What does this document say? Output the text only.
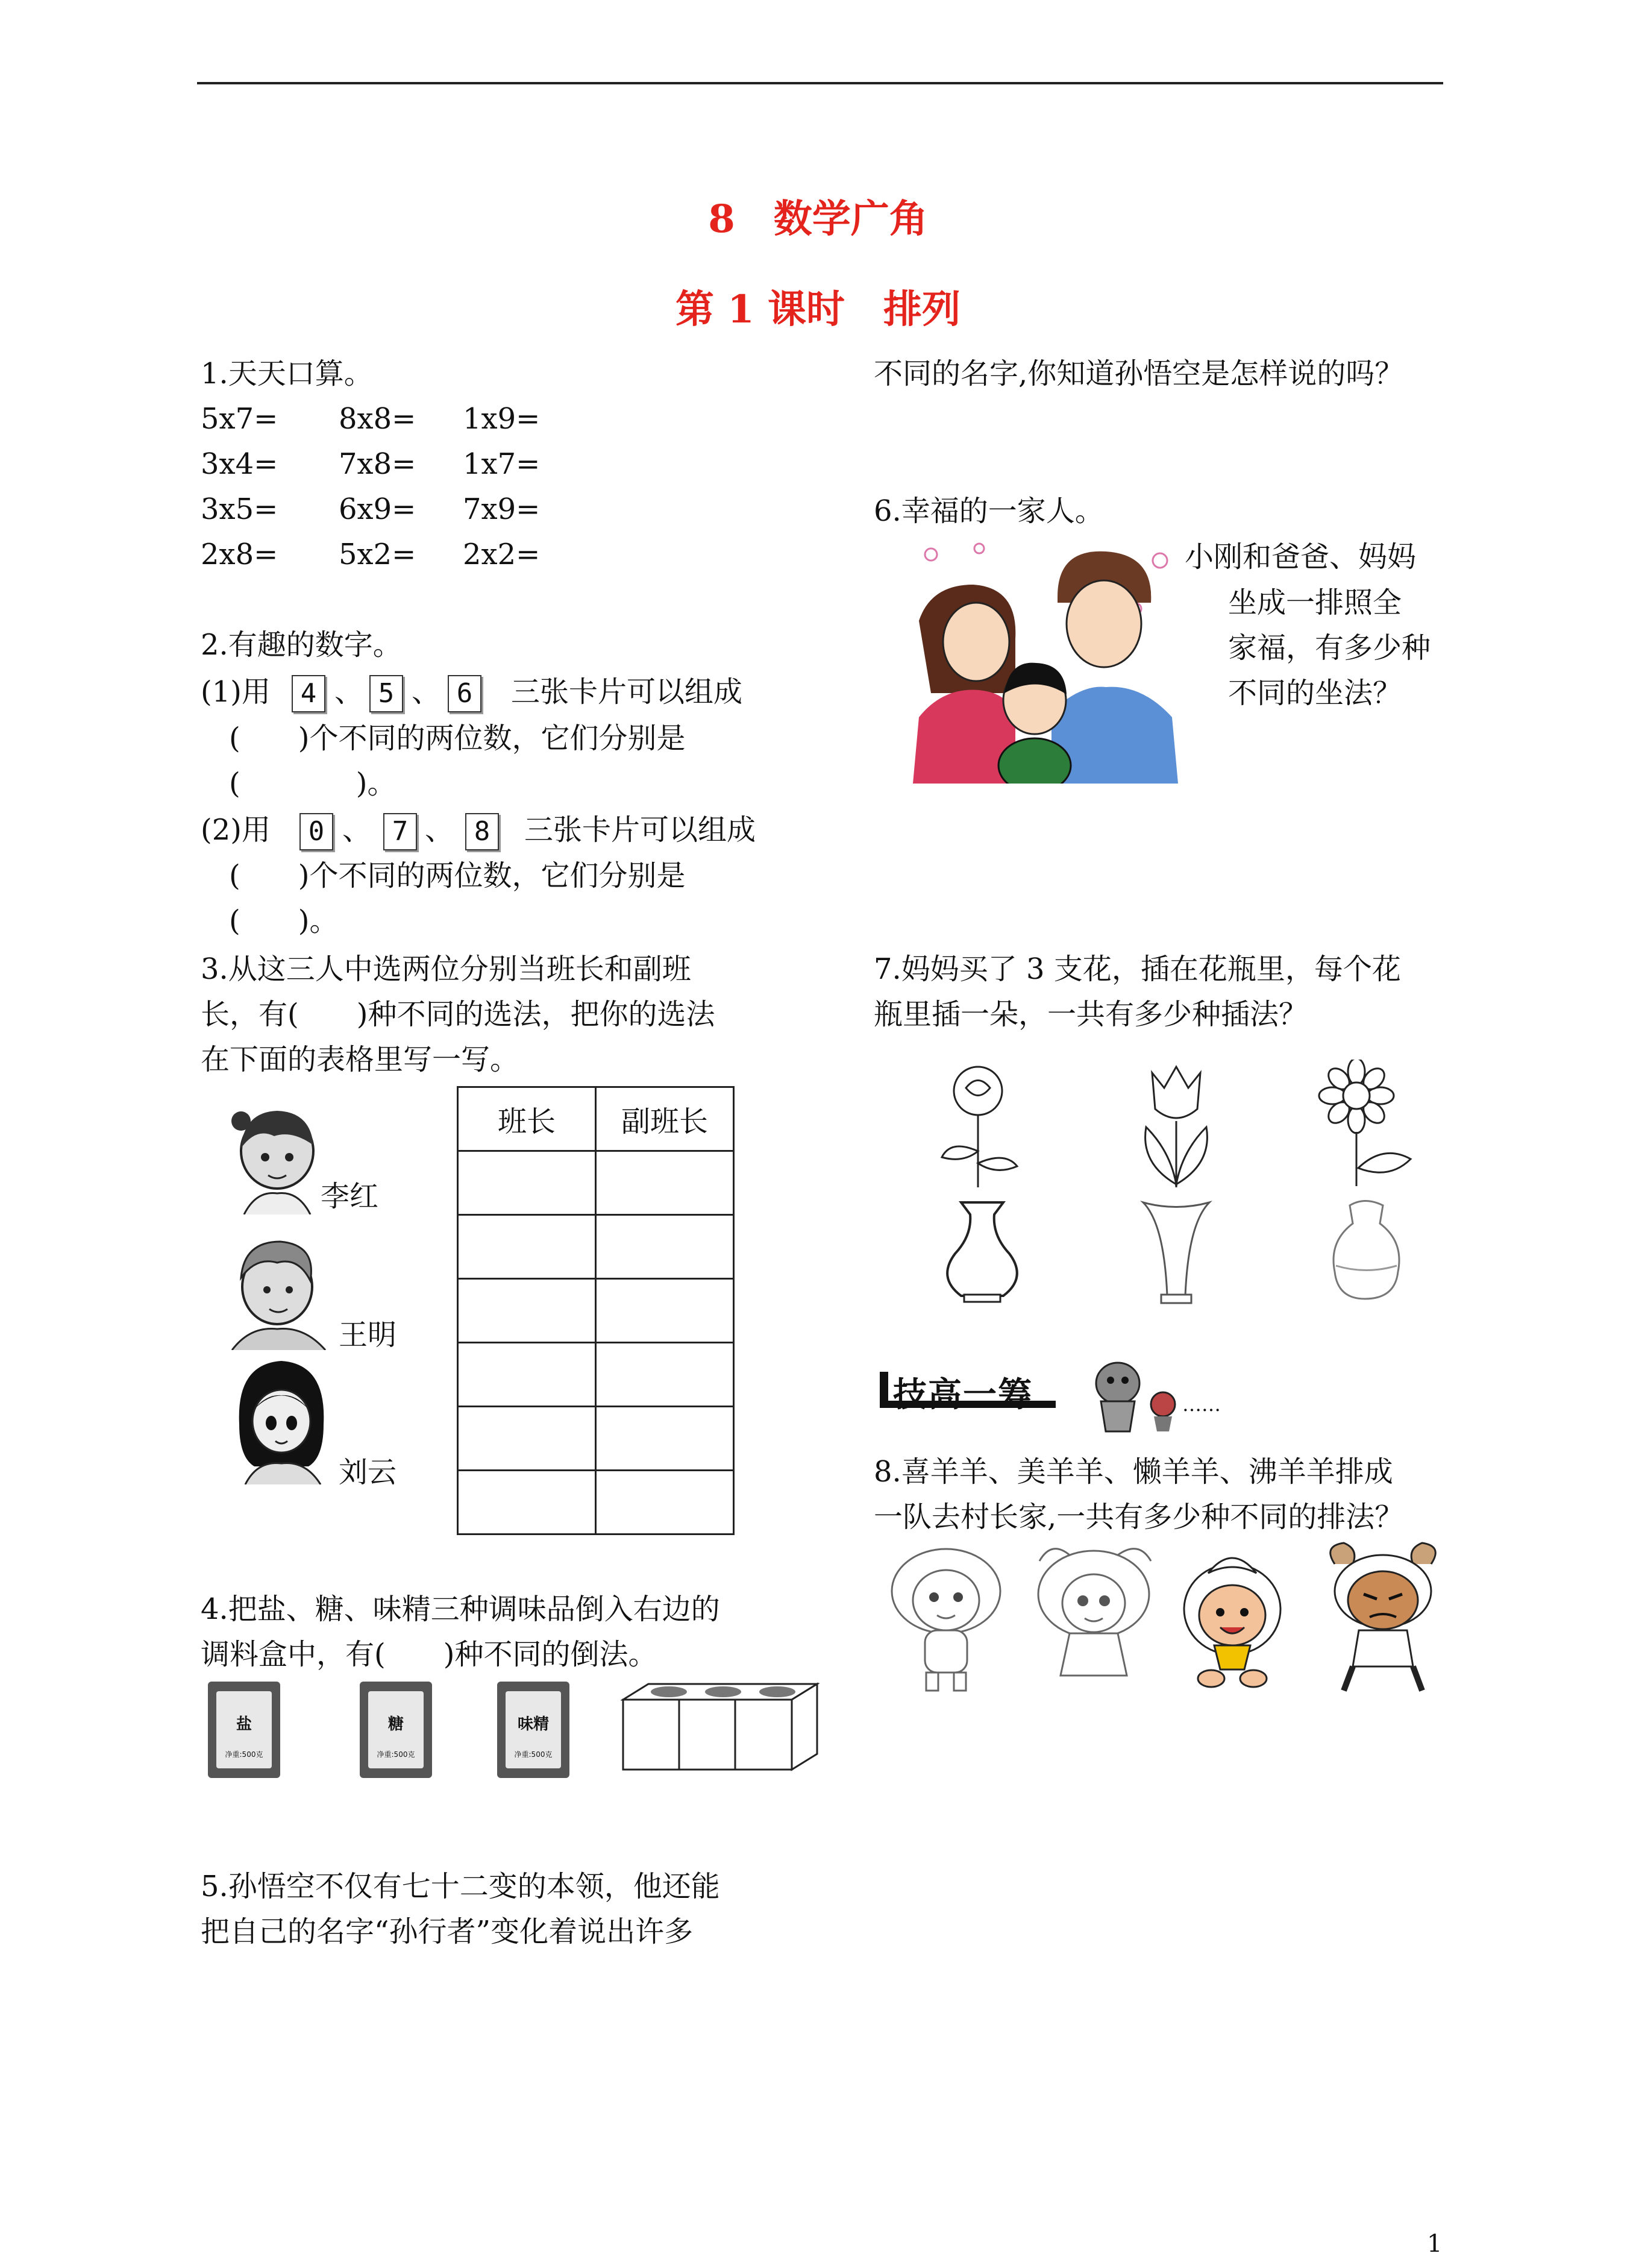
8　数学广角
第 1 课时　排列
1.天天口算。
5x7= 8x8= 1x9=
3x4= 7x8= 1x7=
3x5= 6x9= 7x9=
2x8= 5x2= 2x2=
2.有趣的数字。
(1)用	4 、 5 、 6	三张卡片可以组成
(　　)个不同的两位数，它们分别是
(　　　　)。
(2)用	0 、 7 、 8	三张卡片可以组成
(　　)个不同的两位数，它们分别是
(　　)。
3.从这三人中选两位分别当班长和副班
长，有(　　)种不同的选法，把你的选法
在下面的表格里写一写。
李红
王明
刘云
班长	副班长

4.把盐、糖、味精三种调味品倒入右边的
调料盒中，有(　　)种不同的倒法。
盐
净重:500克
糖
净重:500克
味精
净重:500克
5.孙悟空不仅有七十二变的本领，他还能
把自己的名字“孙行者”变化着说出许多
不同的名字,你知道孙悟空是怎样说的吗？
6.幸福的一家人。
小刚和爸爸、妈妈
坐成一排照全
家福，有多少种
不同的坐法？
7.妈妈买了 3 支花，插在花瓶里，每个花
瓶里插一朵，一共有多少种插法？
技高一筹	……
8.喜羊羊、美羊羊、懒羊羊、沸羊羊排成
一队去村长家,一共有多少种不同的排法？
1
